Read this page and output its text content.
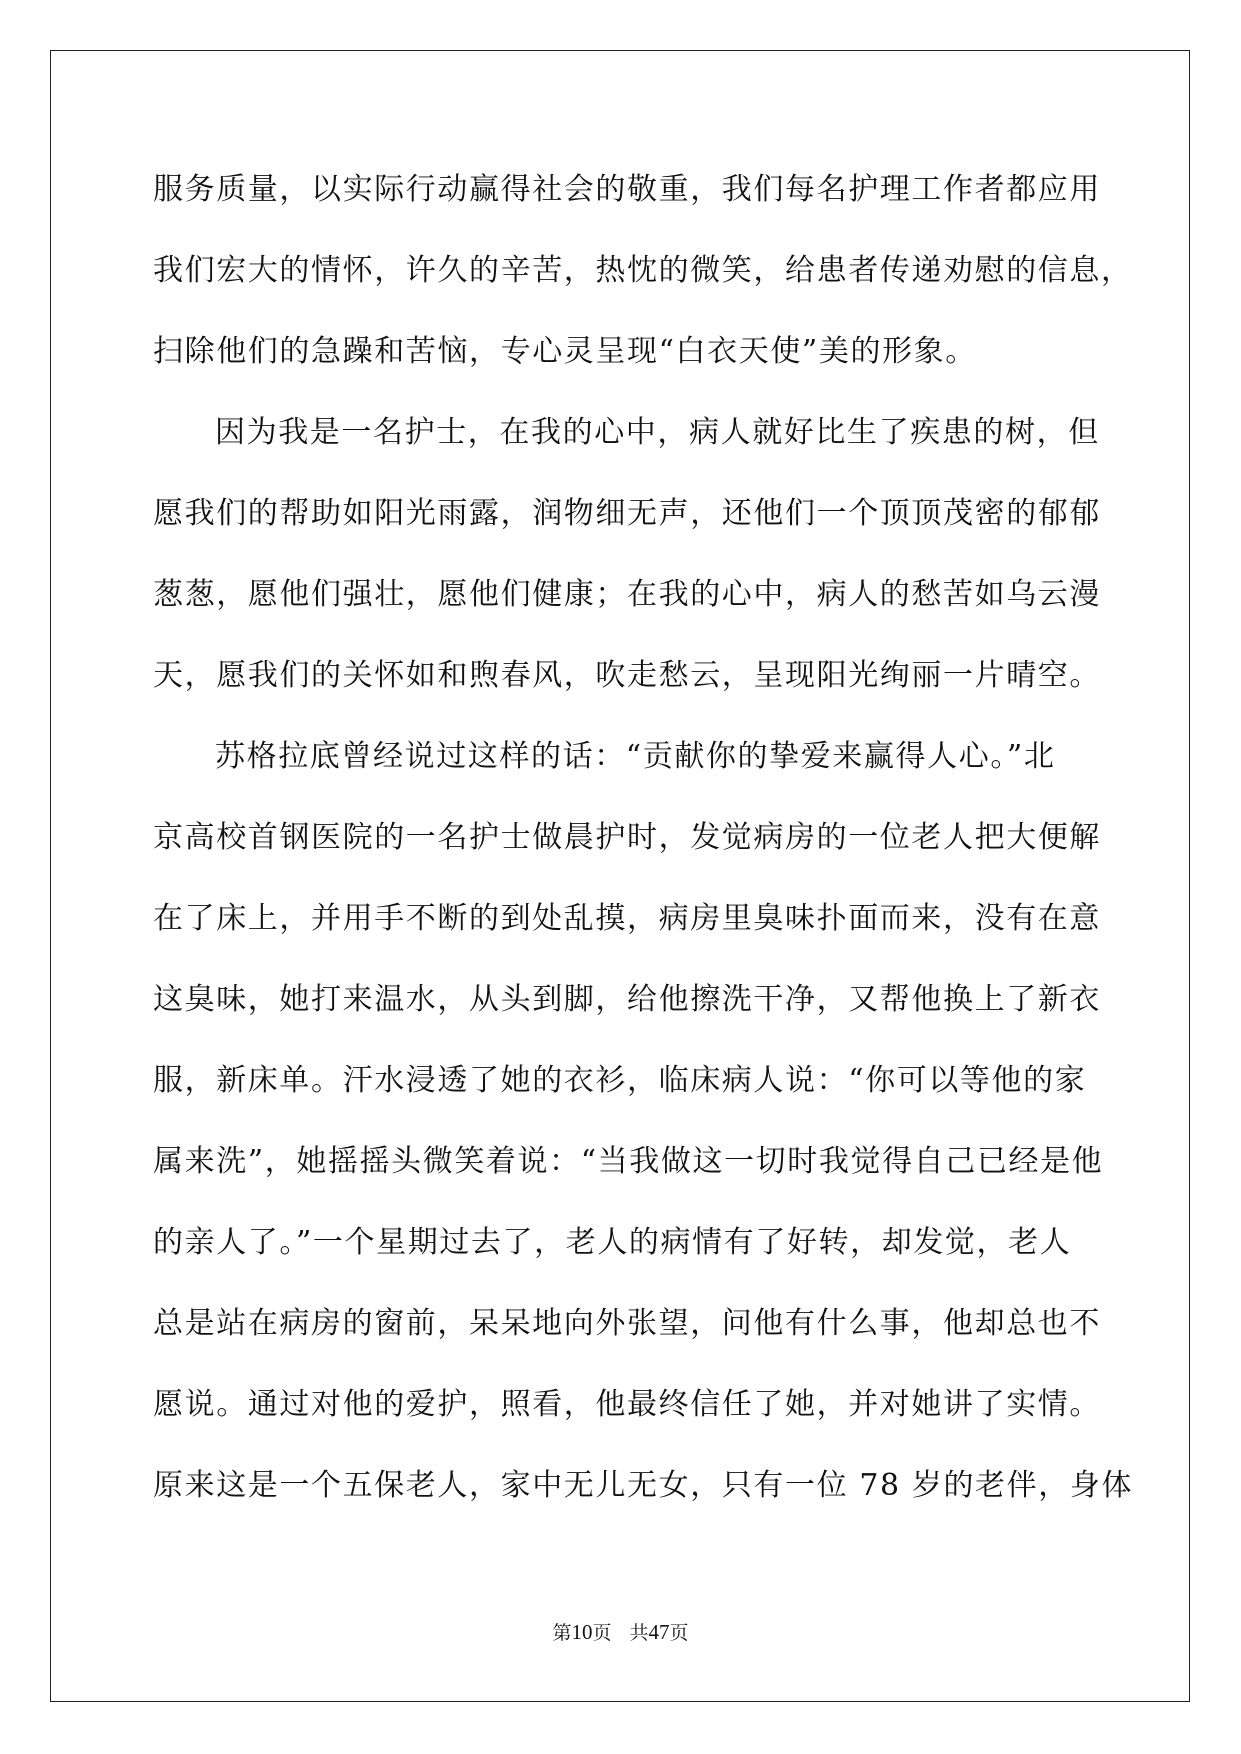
服务质量，以实际行动赢得社会的敬重，我们每名护理工作者都应用

我们宏大的情怀，许久的辛苦，热忱的微笑，给患者传递劝慰的信息，

扫除他们的急躁和苦恼，专心灵呈现“白衣天使”美的形象。

因为我是一名护士，在我的心中，病人就好比生了疾患的树，但

愿我们的帮助如阳光雨露，润物细无声，还他们一个顶顶茂密的郁郁

葱葱，愿他们强壮，愿他们健康；在我的心中，病人的愁苦如乌云漫

天，愿我们的关怀如和煦春风，吹走愁云，呈现阳光绚丽一片晴空。

苏格拉底曾经说过这样的话：“贡献你的挚爱来赢得人心。”北

京高校首钢医院的一名护士做晨护时，发觉病房的一位老人把大便解

在了床上，并用手不断的到处乱摸，病房里臭味扑面而来，没有在意

这臭味，她打来温水，从头到脚，给他擦洗干净，又帮他换上了新衣

服，新床单。汗水浸透了她的衣衫，临床病人说：“你可以等他的家

属来洗”，她摇摇头微笑着说：“当我做这一切时我觉得自己已经是他

的亲人了。”一个星期过去了，老人的病情有了好转，却发觉，老人

总是站在病房的窗前，呆呆地向外张望，问他有什么事，他却总也不

愿说。通过对他的爱护，照看，他最终信任了她，并对她讲了实情。

原来这是一个五保老人，家中无儿无女，只有一位 78 岁的老伴，身体

第10页 共47页
